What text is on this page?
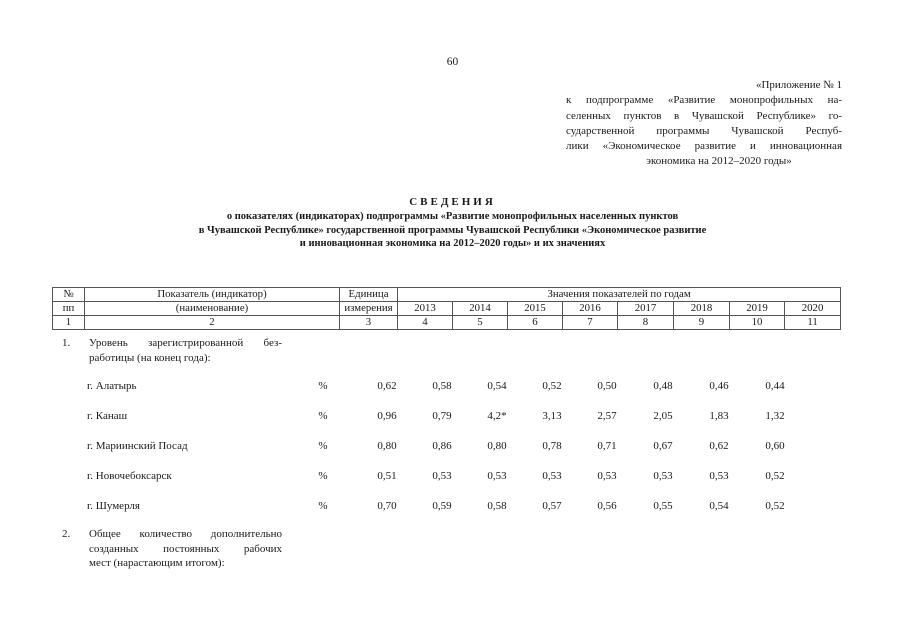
60
«Приложение № 1
к подпрограмме «Развитие монопрофильных на-
селенных пунктов в Чувашской Республике» го-
сударственной программы Чувашской Респуб-
лики «Экономическое развитие и инновационная
экономика на 2012–2020 годы»
СВЕДЕНИЯ
о показателях (индикаторах) подпрограммы «Развитие монопрофильных населенных пунктов
в Чувашской Республике» государственной программы Чувашской Республики «Экономическое развитие
и инновационная экономика на 2012–2020 годы» и их значениях
№	Показатель (индикатор)	Единица	Значения показателей по годам							
пп	(наименование)	измерения	2013	2014	2015	2016	2017	2018	2019	2020
1	2	3	4	5	6	7	8	9	10	11
1. Уровень зарегистрированной без-
работицы (на конец года):
г. Алатырь	%	0,62	0,58	0,54	0,52	0,50	0,48	0,46	0,44
г. Канаш	%	0,96	0,79	4,2*	3,13	2,57	2,05	1,83	1,32
г. Мариинский Посад	%	0,80	0,86	0,80	0,78	0,71	0,67	0,62	0,60
г. Новочебоксарск	%	0,51	0,53	0,53	0,53	0,53	0,53	0,53	0,52
г. Шумерля	%	0,70	0,59	0,58	0,57	0,56	0,55	0,54	0,52
2. Общее количество дополнительно
созданных постоянных рабочих
мест (нарастающим итогом):
